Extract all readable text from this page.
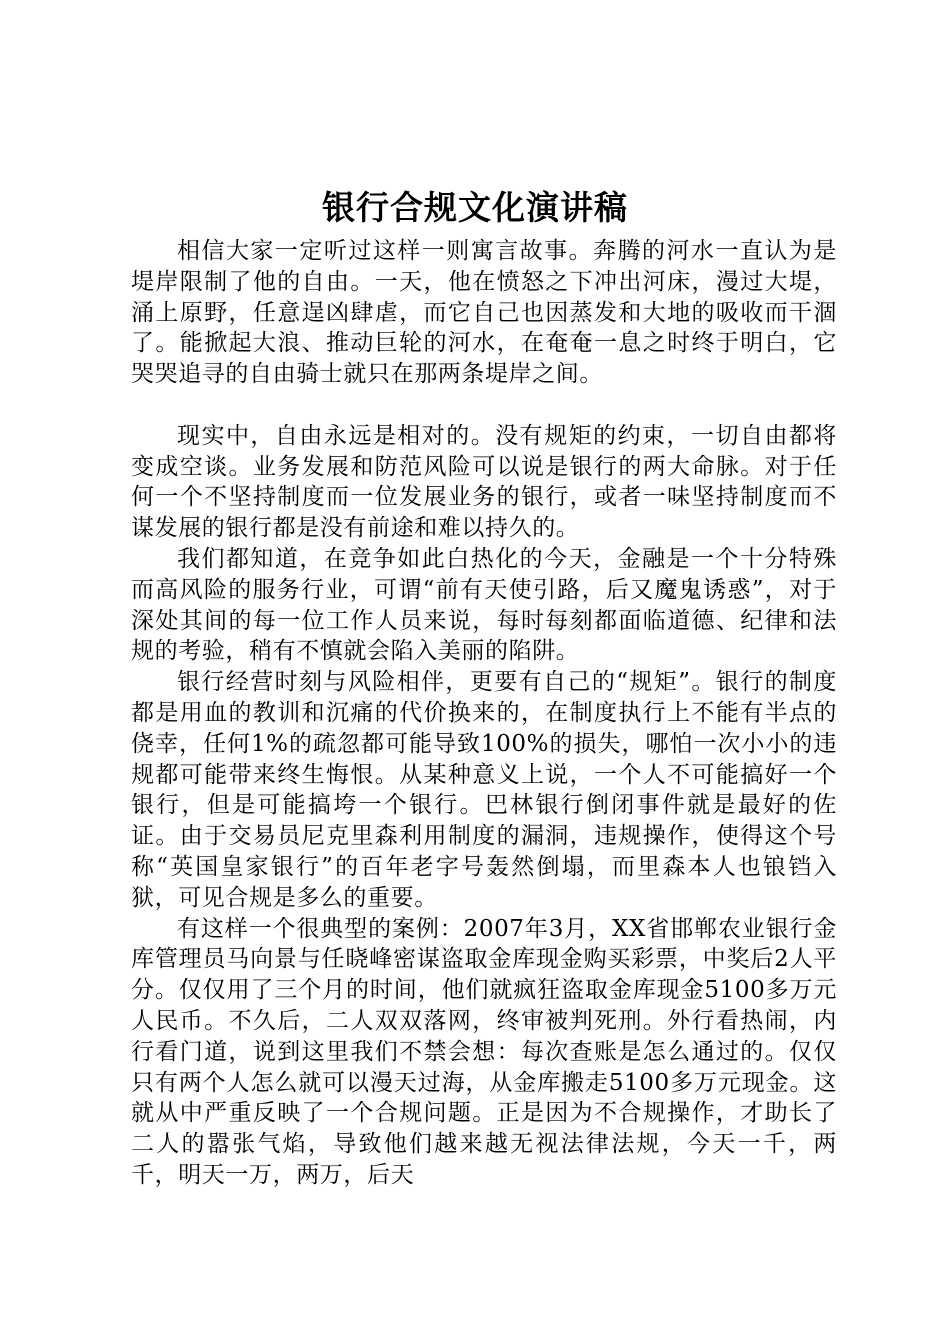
银行合规文化演讲稿

相信大家一定听过这样一则寓言故事。奔腾的河水一直认为是堤岸限制了他的自由。一天，他在愤怒之下冲出河床，漫过大堤，涌上原野，任意逞凶肆虐，而它自己也因蒸发和大地的吸收而干涸了。能掀起大浪、推动巨轮的河水，在奄奄一息之时终于明白，它哭哭追寻的自由骑士就只在那两条堤岸之间。

现实中，自由永远是相对的。没有规矩的约束，一切自由都将变成空谈。业务发展和防范风险可以说是银行的两大命脉。对于任何一个不坚持制度而一位发展业务的银行，或者一味坚持制度而不谋发展的银行都是没有前途和难以持久的。

我们都知道，在竞争如此白热化的今天，金融是一个十分特殊而高风险的服务行业，可谓“前有天使引路，后又魔鬼诱惑”，对于深处其间的每一位工作人员来说，每时每刻都面临道德、纪律和法规的考验，稍有不慎就会陷入美丽的陷阱。

银行经营时刻与风险相伴，更要有自己的“规矩”。银行的制度都是用血的教训和沉痛的代价换来的，在制度执行上不能有半点的侥幸，任何1%的疏忽都可能导致100%的损失，哪怕一次小小的违规都可能带来终生悔恨。从某种意义上说，一个人不可能搞好一个银行，但是可能搞垮一个银行。巴林银行倒闭事件就是最好的佐证。由于交易员尼克里森利用制度的漏洞，违规操作，使得这个号称“英国皇家银行”的百年老字号轰然倒塌，而里森本人也锒铛入狱，可见合规是多么的重要。

有这样一个很典型的案例：2007年3月，XX省邯郸农业银行金库管理员马向景与任晓峰密谋盗取金库现金购买彩票，中奖后2人平分。仅仅用了三个月的时间，他们就疯狂盗取金库现金5100多万元人民币。不久后，二人双双落网，终审被判死刑。外行看热闹，内行看门道，说到这里我们不禁会想：每次查账是怎么通过的。仅仅只有两个人怎么就可以漫天过海，从金库搬走5100多万元现金。这就从中严重反映了一个合规问题。正是因为不合规操作，才助长了二人的嚣张气焰，导致他们越来越无视法律法规，今天一千，两千，明天一万，两万，后天
